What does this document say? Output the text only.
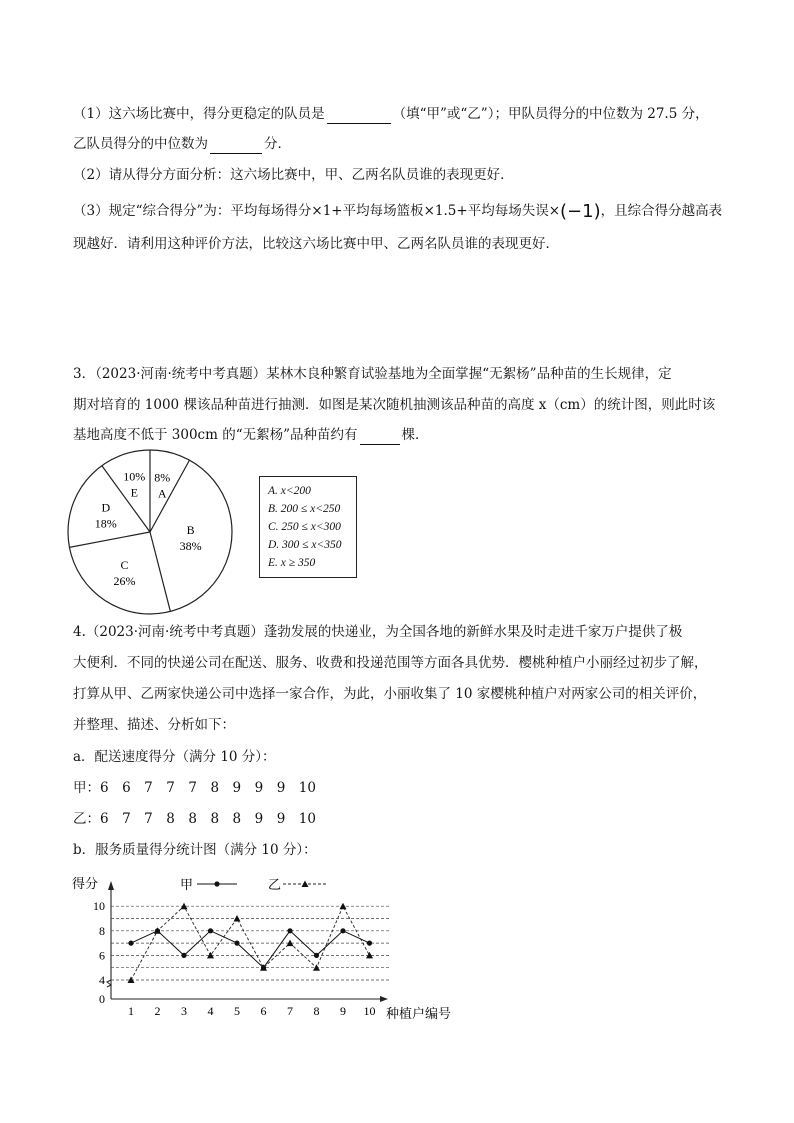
（1）这六场比赛中，得分更稳定的队员是	（填“甲”或“乙”）；甲队员得分的中位数为 27.5 分，
乙队员得分的中位数为	分．
（2）请从得分方面分析：这六场比赛中，甲、乙两名队员谁的表现更好．
（3）规定“综合得分”为：平均每场得分×1+平均每场篮板×1.5+平均每场失误×(−1)，且综合得分越高表
现越好．请利用这种评价方法，比较这六场比赛中甲、乙两名队员谁的表现更好．
3．（2023·河南·统考中考真题）某林木良种繁育试验基地为全面掌握“无絮杨”品种苗的生长规律，定
期对培育的 1000 棵该品种苗进行抽测．如图是某次随机抽测该品种苗的高度 x（cm）的统计图，则此时该
基地高度不低于 300cm 的“无絮杨”品种苗约有	棵．
8%
A
B
38%
C
26%
D
18%
10%
E	A. x<200
B. 200 ≤ x<250
C. 250 ≤ x<300
D. 300 ≤ x<350
E. x ≥ 350
4.（2023·河南·统考中考真题）蓬勃发展的快递业，为全国各地的新鲜水果及时走进千家万户提供了极
大便利．不同的快递公司在配送、服务、收费和投递范围等方面各具优势．樱桃种植户小丽经过初步了解，
打算从甲、乙两家快递公司中选择一家合作，为此，小丽收集了 10 家樱桃种植户对两家公司的相关评价，
并整理、描述、分析如下：
a．配送速度得分（满分 10 分）：
甲：6　6　7　7　7　8　9　9　9　10
乙：6　7　7　8　8　8　8　9　9　10
b．服务质量得分统计图（满分 10 分）：
得分
种植户编号
0
4
6
8
10
1 2 3 4 5 6 7 8 9 10
甲	乙
